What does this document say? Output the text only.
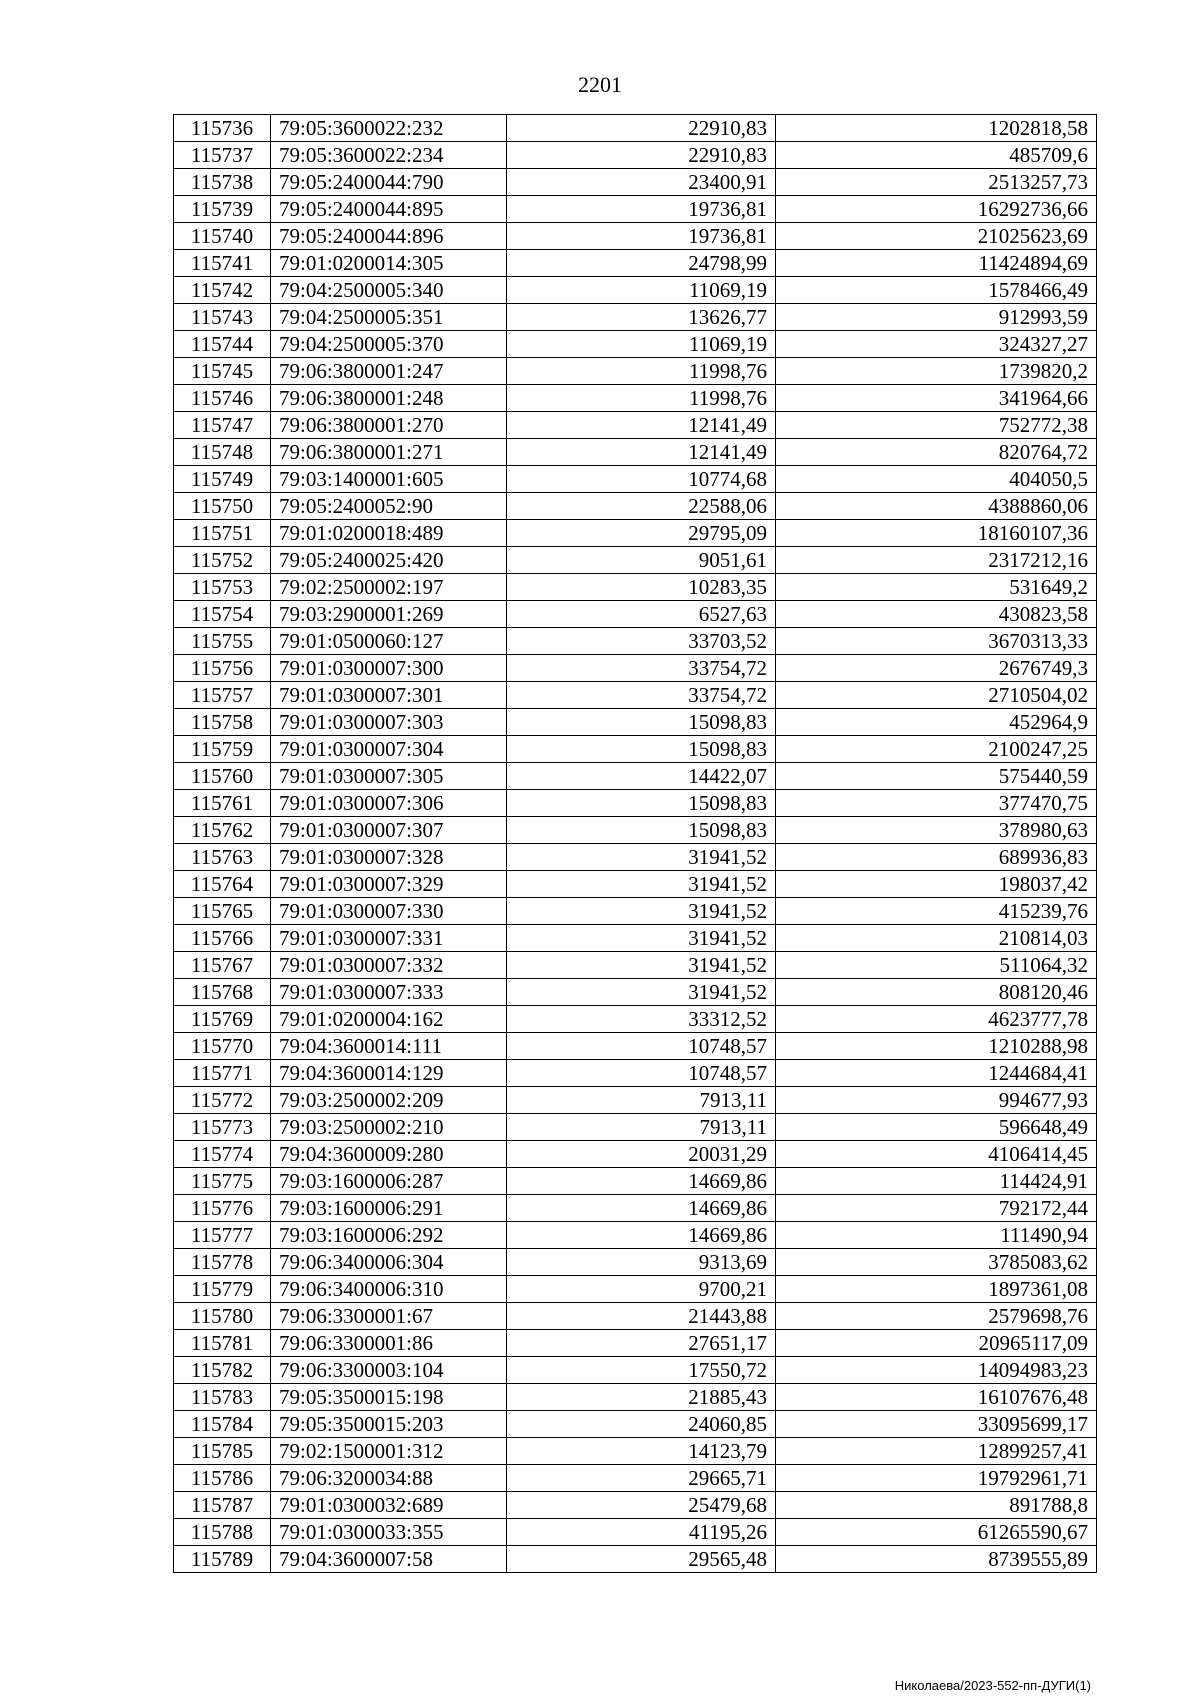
2201
115736	79:05:3600022:232	22910,83	1202818,58
115737	79:05:3600022:234	22910,83	485709,6
115738	79:05:2400044:790	23400,91	2513257,73
115739	79:05:2400044:895	19736,81	16292736,66
115740	79:05:2400044:896	19736,81	21025623,69
115741	79:01:0200014:305	24798,99	11424894,69
115742	79:04:2500005:340	11069,19	1578466,49
115743	79:04:2500005:351	13626,77	912993,59
115744	79:04:2500005:370	11069,19	324327,27
115745	79:06:3800001:247	11998,76	1739820,2
115746	79:06:3800001:248	11998,76	341964,66
115747	79:06:3800001:270	12141,49	752772,38
115748	79:06:3800001:271	12141,49	820764,72
115749	79:03:1400001:605	10774,68	404050,5
115750	79:05:2400052:90	22588,06	4388860,06
115751	79:01:0200018:489	29795,09	18160107,36
115752	79:05:2400025:420	9051,61	2317212,16
115753	79:02:2500002:197	10283,35	531649,2
115754	79:03:2900001:269	6527,63	430823,58
115755	79:01:0500060:127	33703,52	3670313,33
115756	79:01:0300007:300	33754,72	2676749,3
115757	79:01:0300007:301	33754,72	2710504,02
115758	79:01:0300007:303	15098,83	452964,9
115759	79:01:0300007:304	15098,83	2100247,25
115760	79:01:0300007:305	14422,07	575440,59
115761	79:01:0300007:306	15098,83	377470,75
115762	79:01:0300007:307	15098,83	378980,63
115763	79:01:0300007:328	31941,52	689936,83
115764	79:01:0300007:329	31941,52	198037,42
115765	79:01:0300007:330	31941,52	415239,76
115766	79:01:0300007:331	31941,52	210814,03
115767	79:01:0300007:332	31941,52	511064,32
115768	79:01:0300007:333	31941,52	808120,46
115769	79:01:0200004:162	33312,52	4623777,78
115770	79:04:3600014:111	10748,57	1210288,98
115771	79:04:3600014:129	10748,57	1244684,41
115772	79:03:2500002:209	7913,11	994677,93
115773	79:03:2500002:210	7913,11	596648,49
115774	79:04:3600009:280	20031,29	4106414,45
115775	79:03:1600006:287	14669,86	114424,91
115776	79:03:1600006:291	14669,86	792172,44
115777	79:03:1600006:292	14669,86	111490,94
115778	79:06:3400006:304	9313,69	3785083,62
115779	79:06:3400006:310	9700,21	1897361,08
115780	79:06:3300001:67	21443,88	2579698,76
115781	79:06:3300001:86	27651,17	20965117,09
115782	79:06:3300003:104	17550,72	14094983,23
115783	79:05:3500015:198	21885,43	16107676,48
115784	79:05:3500015:203	24060,85	33095699,17
115785	79:02:1500001:312	14123,79	12899257,41
115786	79:06:3200034:88	29665,71	19792961,71
115787	79:01:0300032:689	25479,68	891788,8
115788	79:01:0300033:355	41195,26	61265590,67
115789	79:04:3600007:58	29565,48	8739555,89
Николаева/2023-552-пп-ДУГИ(1)
